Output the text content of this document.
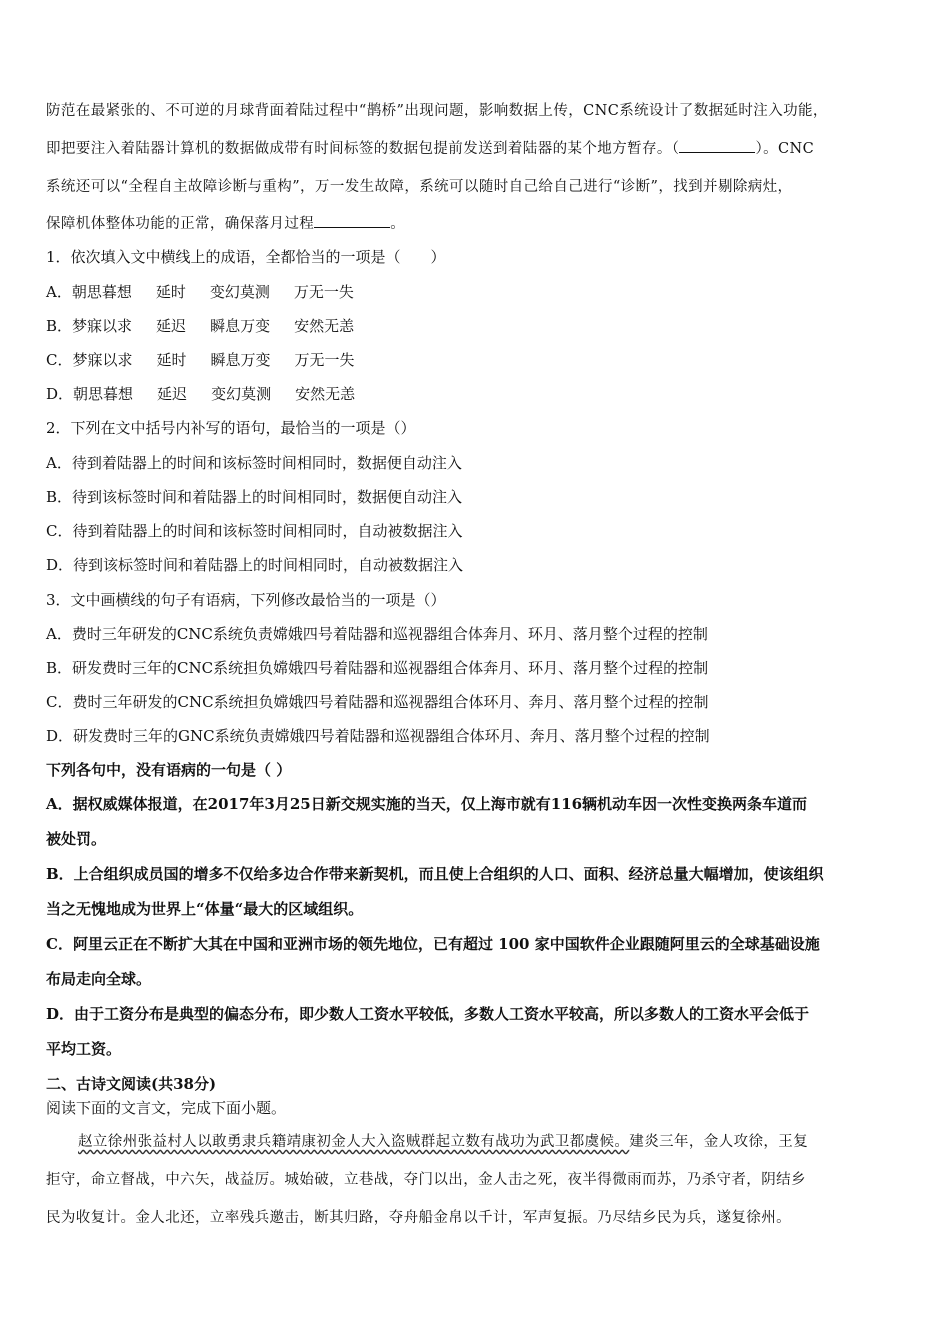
防范在最紧张的、不可逆的月球背面着陆过程中“鹊桥”出现问题，影响数据上传，CNC系统设计了数据延时注入功能，
即把要注入着陆器计算机的数据做成带有时间标签的数据包提前发送到着陆器的某个地方暂存。（	）。CNC
系统还可以“全程自主故障诊断与重构”，万一发生故障，系统可以随时自己给自己进行“诊断”，找到并剔除病灶，
保障机体整体功能的正常，确保落月过程	。
1．依次填入文中横线上的成语，全都恰当的一项是（　　）
A．朝思暮想 延时 变幻莫测 万无一失
B．梦寐以求 延迟 瞬息万变 安然无恙
C．梦寐以求 延时 瞬息万变 万无一失
D．朝思暮想 延迟 变幻莫测 安然无恙
2．下列在文中括号内补写的语句，最恰当的一项是（）
A．待到着陆器上的时间和该标签时间相同时，数据便自动注入
B．待到该标签时间和着陆器上的时间相同时，数据便自动注入
C．待到着陆器上的时间和该标签时间相同时，自动被数据注入
D．待到该标签时间和着陆器上的时间相同时，自动被数据注入
3．文中画横线的句子有语病，下列修改最恰当的一项是（）
A．费时三年研发的CNC系统负责嫦娥四号着陆器和巡视器组合体奔月、环月、落月整个过程的控制
B．研发费时三年的CNC系统担负嫦娥四号着陆器和巡视器组合体奔月、环月、落月整个过程的控制
C．费时三年研发的CNC系统担负嫦娥四号着陆器和巡视器组合体环月、奔月、落月整个过程的控制
D．研发费时三年的GNC系统负责嫦娥四号着陆器和巡视器组合体环月、奔月、落月整个过程的控制
下列各句中，没有语病的一句是（ ）
A．据权威媒体报道，在2017年3月25日新交规实施的当天，仅上海市就有116辆机动车因一次性变换两条车道而
被处罚。
B．上合组织成员国的增多不仅给多边合作带来新契机，而且使上合组织的人口、面积、经济总量大幅增加，使该组织
当之无愧地成为世界上“体量“最大的区域组织。
C．阿里云正在不断扩大其在中国和亚洲市场的领先地位，已有超过 100 家中国软件企业跟随阿里云的全球基础设施
布局走向全球。
D．由于工资分布是典型的偏态分布，即少数人工资水平较低，多数人工资水平较高，所以多数人的工资水平会低于
平均工资。
二、古诗文阅读(共38分)
阅读下面的文言文，完成下面小题。
赵立徐州张益村人以敢勇隶兵籍靖康初金人大入盗贼群起立数有战功为武卫都虞候。建炎三年，金人攻徐，王复
拒守，命立督战，中六矢，战益厉。城始破，立巷战，夺门以出，金人击之死，夜半得微雨而苏，乃杀守者，阴结乡
民为收复计。金人北还，立率残兵邀击，断其归路，夺舟船金帛以千计，军声复振。乃尽结乡民为兵，遂复徐州。
